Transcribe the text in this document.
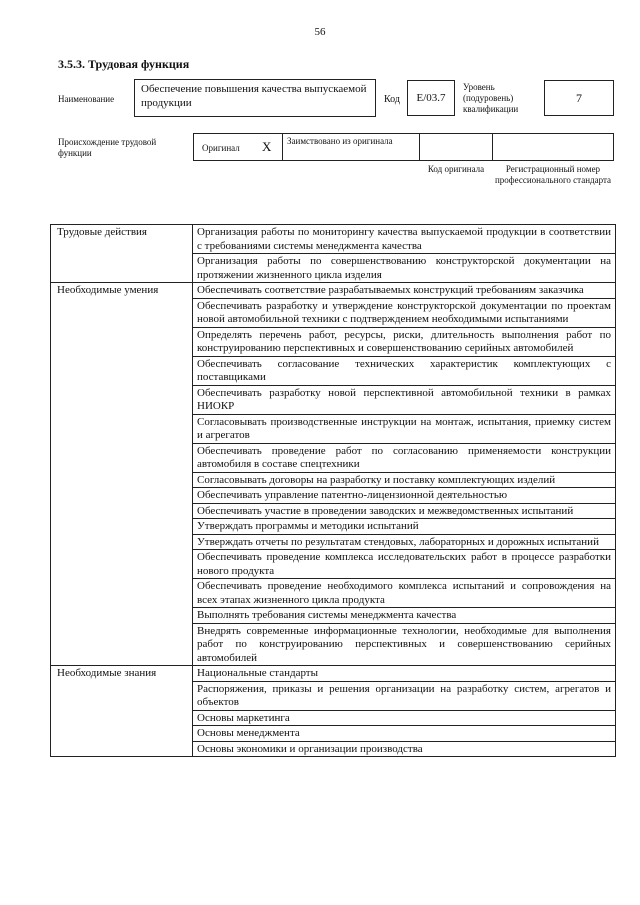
56
3.5.3. Трудовая функция
Наименование
Обеспечение повышения качества выпускаемой продукции	Код	E/03.7
Уровень (подуровень) квалификации
7
Происхождение трудовой функции	Оригинал X	Заимствовано из оригинала
Код оригинала	Регистрационный номер профессионального стандарта
Трудовые действия	Организация работы по мониторингу качества выпускаемой продукции в соответствии с требованиями системы менеджмента качества
	Организация работы по совершенствованию конструкторской документации на протяжении жизненного цикла изделия
Необходимые умения	Обеспечивать соответствие разрабатываемых конструкций требованиям заказчика
	Обеспечивать разработку и утверждение конструкторской документации по проектам новой автомобильной техники с подтверждением необходимыми испытаниями
	Определять перечень работ, ресурсы, риски, длительность выполнения работ по конструированию перспективных и совершенствованию серийных автомобилей
	Обеспечивать согласование технических характеристик комплектующих с поставщиками
	Обеспечивать разработку новой перспективной автомобильной техники в рамках НИОКР
	Согласовывать производственные инструкции на монтаж, испытания, приемку систем и агрегатов
	Обеспечивать проведение работ по согласованию применяемости конструкции автомобиля в составе спецтехники
	Согласовывать договоры на разработку и поставку комплектующих изделий
	Обеспечивать управление патентно-лицензионной деятельностью
	Обеспечивать участие в проведении заводских и межведомственных испытаний
	Утверждать программы и методики испытаний
	Утверждать отчеты по результатам стендовых, лабораторных и дорожных испытаний
	Обеспечивать проведение комплекса исследовательских работ в процессе разработки нового продукта
	Обеспечивать проведение необходимого комплекса испытаний и сопровождения на всех этапах жизненного цикла продукта
	Выполнять требования системы менеджмента качества
	Внедрять современные информационные технологии, необходимые для выполнения работ по конструированию перспективных и совершенствованию серийных автомобилей
Необходимые знания	Национальные стандарты
	Распоряжения, приказы и решения организации на разработку систем, агрегатов и объектов
	Основы маркетинга
	Основы менеджмента
	Основы экономики и организации производства
